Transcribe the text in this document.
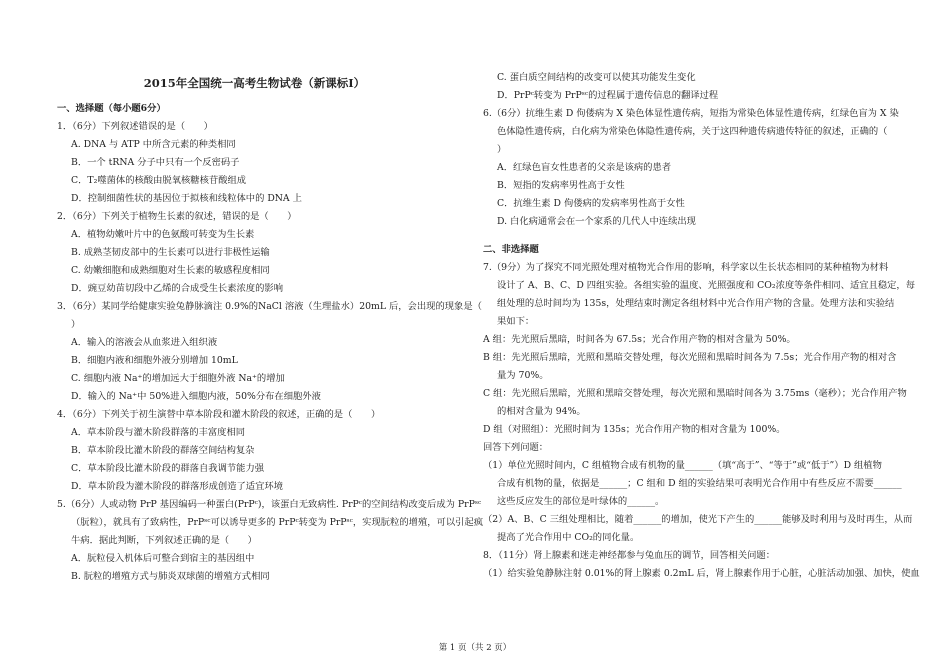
2015年全国统一高考生物试卷（新课标Ⅰ）
一、选择题（每小题6分）
1．（6分）下列叙述错误的是（　　）
A. DNA 与 ATP 中所含元素的种类相同
B．一个 tRNA 分子中只有一个反密码子
C．T₂噬菌体的核酸由脱氧核糖核苷酸组成
D．控制细菌性状的基因位于拟核和线粒体中的 DNA 上
2．（6分）下列关于植物生长素的叙述，错误的是（　　）
A．植物幼嫩叶片中的色氨酸可转变为生长素
B. 成熟茎韧皮部中的生长素可以进行非极性运输
C. 幼嫩细胞和成熟细胞对生长素的敏感程度相同
D．豌豆幼苗切段中乙烯的合成受生长素浓度的影响
3．（6分）某同学给健康实验兔静脉滴注 0.9%的NaCl 溶液（生理盐水）20mL 后，会出现的现象是（
）
A．输入的溶液会从血浆进入组织液
B．细胞内液和细胞外液分别增加 10mL
C. 细胞内液 Na⁺的增加远大于细胞外液 Na⁺的增加
D．输入的 Na⁺中 50%进入细胞内液，50%分布在细胞外液
4．（6分）下列关于初生演替中草本阶段和灌木阶段的叙述，正确的是（　　）
A．草本阶段与灌木阶段群落的丰富度相同
B．草本阶段比灌木阶段的群落空间结构复杂
C．草本阶段比灌木阶段的群落自我调节能力强
D．草本阶段为灌木阶段的群落形成创造了适宜环境
5.（6分）人或动物 PrP 基因编码一种蛋白(PrPᶜ)，该蛋白无致病性. PrPᶜ的空间结构改变后成为 PrPˢᶜ
（朊粒），就具有了致病性，PrPˢᶜ可以诱导更多的 PrPᶜ转变为 PrPˢᶜ，实现朊粒的增殖，可以引起疯
牛病．据此判断，下列叙述正确的是（　　）
A．朊粒侵入机体后可整合到宿主的基因组中
B. 朊粒的增殖方式与肺炎双球菌的增殖方式相同
C. 蛋白质空间结构的改变可以使其功能发生变化
D．PrPᶜ转变为 PrPˢᶜ的过程属于遗传信息的翻译过程
6.（6分）抗维生素 D 佝偻病为 X 染色体显性遗传病，短指为常染色体显性遗传病，红绿色盲为 X 染
色体隐性遗传病，白化病为常染色体隐性遗传病，关于这四种遗传病遗传特征的叙述，正确的（
）
A．红绿色盲女性患者的父亲是该病的患者
B．短指的发病率男性高于女性
C．抗维生素 D 佝偻病的发病率男性高于女性
D. 白化病通常会在一个家系的几代人中连续出现
二、非选择题
7.（9分）为了探究不同光照处理对植物光合作用的影响，科学家以生长状态相同的某种植物为材料
设计了 A、B、C、D 四组实验。各组实验的温度、光照强度和 CO₂浓度等条件相同、适宜且稳定，每
组处理的总时间均为 135s，处理结束时测定各组材料中光合作用产物的含量。处理方法和实验结
果如下：
A 组：先光照后黑暗，时间各为 67.5s；光合作用产物的相对含量为 50%。
B 组：先光照后黑暗，光照和黑暗交替处理，每次光照和黑暗时间各为 7.5s；光合作用产物的相对含
量为 70%。
C 组：先光照后黑暗，光照和黑暗交替处理，每次光照和黑暗时间各为 3.75ms（毫秒）；光合作用产物
的相对含量为 94%。
D 组（对照组）：光照时间为 135s；光合作用产物的相对含量为 100%。
回答下列问题：
（1）单位光照时间内，C 组植物合成有机物的量______（填“高于”、“等于”或“低于”）D 组植物
合成有机物的量，依据是______；C 组和 D 组的实验结果可表明光合作用中有些反应不需要______
这些反应发生的部位是叶绿体的______。
（2）A、B、C 三组处理相比，随着______的增加，使光下产生的______能够及时利用与及时再生，从而
提高了光合作用中 CO₂的同化量。
8．（11分）肾上腺素和迷走神经都参与兔血压的调节，回答相关问题：
（1）给实验兔静脉注射 0.01%的肾上腺素 0.2mL 后，肾上腺素作用于心脏，心脏活动加强、加快，使血
第 1 页（共 2 页）
